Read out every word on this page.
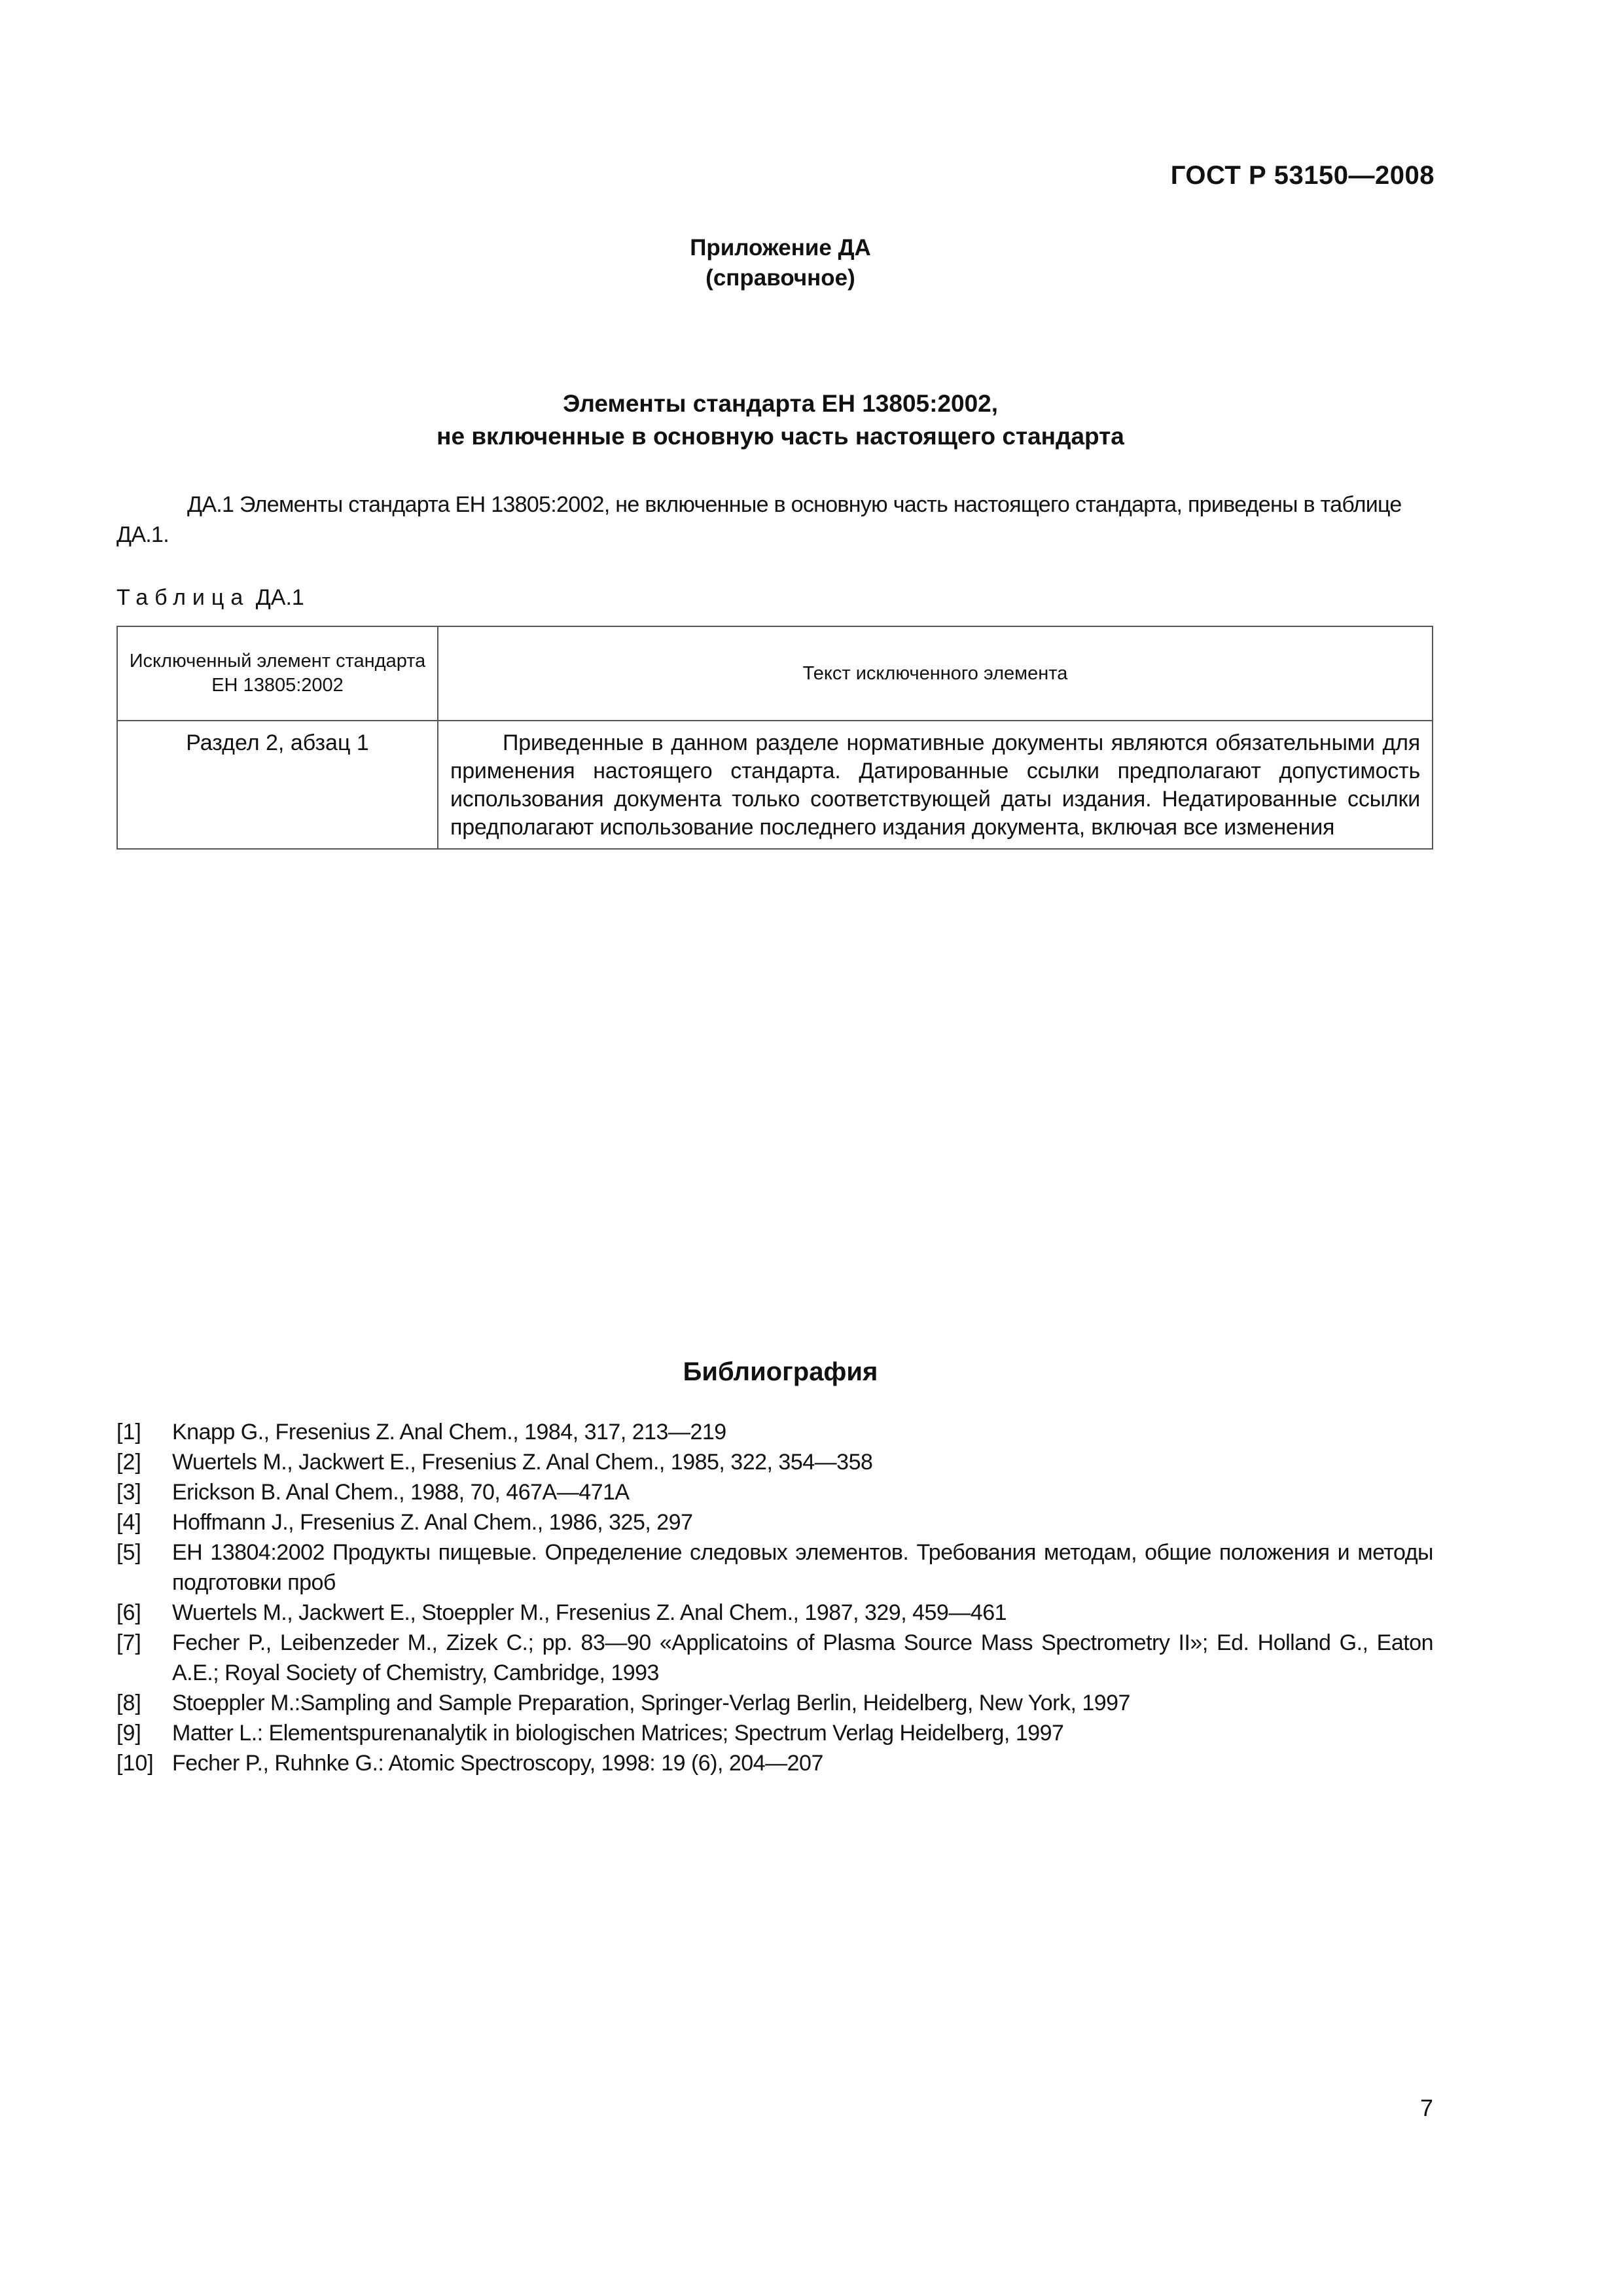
ГОСТ Р 53150—2008
Приложение ДА
(справочное)
Элементы стандарта ЕН 13805:2002,
не включенные в основную часть настоящего стандарта
ДА.1 Элементы стандарта ЕН 13805:2002, не включенные в основную часть настоящего стандарта, приведены в таблице ДА.1.
Таблица ДА.1
Исключенный элемент стандарта ЕН 13805:2002	Текст исключенного элемента
Раздел 2, абзац 1	Приведенные в данном разделе нормативные документы являются обязательными для применения настоящего стандарта. Датированные ссылки предполагают допустимость использования документа только соответствующей даты издания. Недатированные ссылки предполагают использование последнего издания документа, включая все изменения
Библиография
[1]	Knapp G., Fresenius Z. Anal Chem., 1984, 317, 213—219
[2]	Wuertels M., Jackwert E., Fresenius Z. Anal Chem., 1985, 322, 354—358
[3]	Erickson B. Anal Chem., 1988, 70, 467A—471A
[4]	Hoffmann J., Fresenius Z. Anal Chem., 1986, 325, 297
[5]	ЕН 13804:2002 Продукты пищевые. Определение следовых элементов. Требования методам, общие положения и методы подготовки проб
[6]	Wuertels M., Jackwert E., Stoeppler M., Fresenius Z. Anal Chem., 1987, 329, 459—461
[7]	Fecher P., Leibenzeder M., Zizek C.; pp. 83—90 «Applicatoins of Plasma Source Mass Spectrometry II»; Ed. Holland G., Eaton A.E.; Royal Society of Chemistry, Cambridge, 1993
[8]	Stoeppler M.:Sampling and Sample Preparation, Springer-Verlag Berlin, Heidelberg, New York, 1997
[9]	Matter L.: Elementspurenanalytik in biologischen Matrices; Spectrum Verlag Heidelberg, 1997
[10] Fecher P., Ruhnke G.: Atomic Spectroscopy, 1998: 19 (6), 204—207
7
